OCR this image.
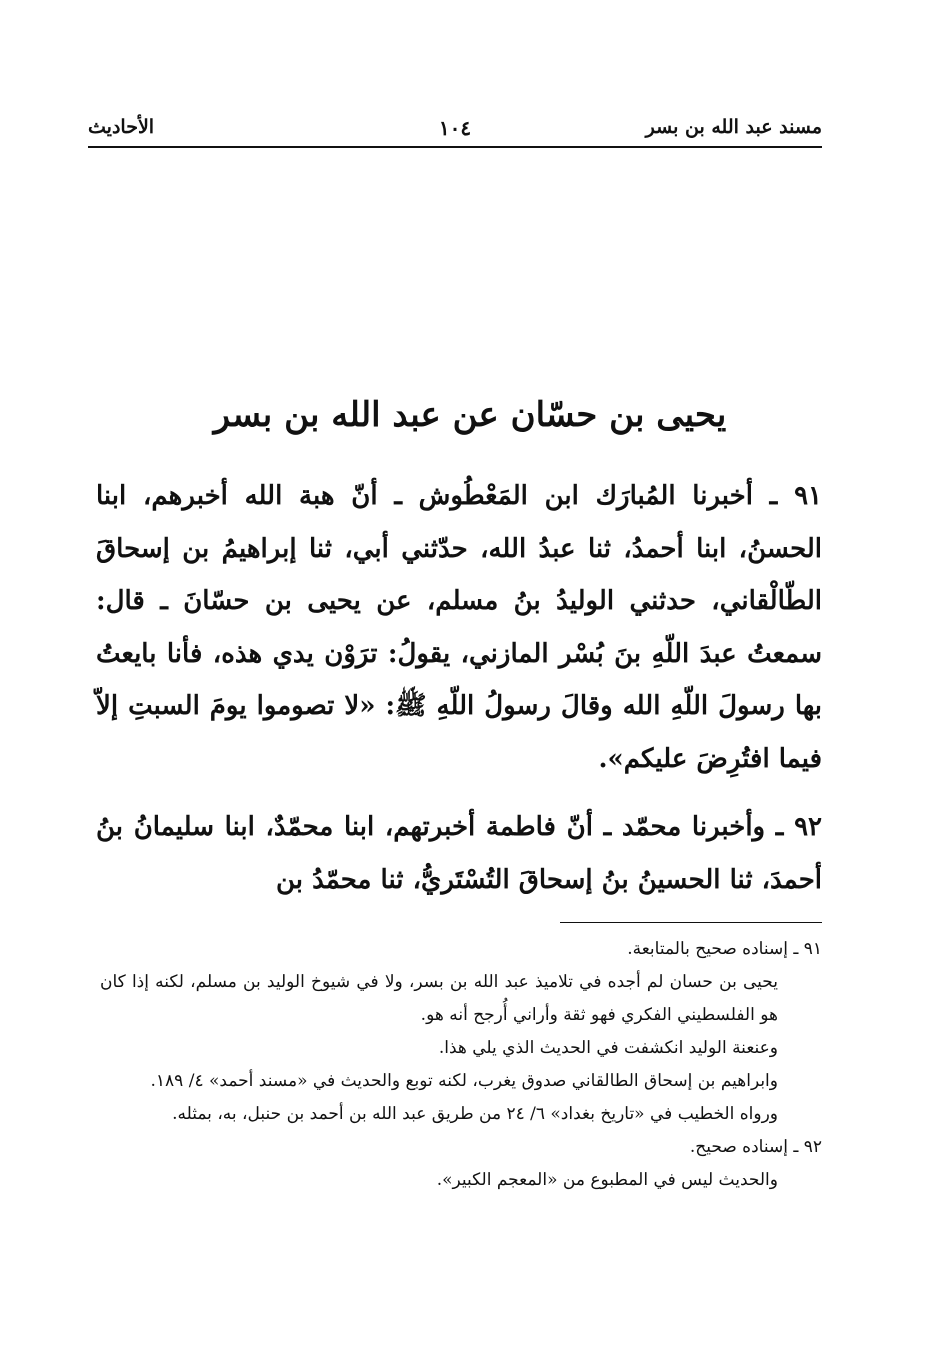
مسند عبد الله بن بسر
١٠٤
الأحاديث
يحيى بن حسّان عن عبد الله بن بسر

٩١ ـ أخبرنا المُبارَك ابن المَعْطُوش ـ أنّ هبة الله أخبرهم، ابنا الحسنُ، ابنا أحمدُ، ثنا عبدُ الله، حدّثني أبي، ثنا إبراهيمُ بن إسحاقَ الطّالْقاني، حدثني الوليدُ بنُ مسلم، عن يحيى بن حسّانَ ـ قال: سمعتُ عبدَ اللّهِ بنَ بُسْر المازني، يقولُ: ترَوْن يدي هذه، فأنا بايعتُ بها رسولَ اللّهِ الله وقالَ رسولُ اللّهِ ﷺ: «لا تصوموا يومَ السبتِ إلاّ فيما افتُرِضَ عليكم».

٩٢ ـ وأخبرنا محمّد ـ أنّ فاطمة أخبرتهم، ابنا محمّدٌ، ابنا سليمانُ بنُ أحمدَ، ثنا الحسينُ بنُ إسحاقَ التُسْتَريُّ، ثنا محمّدُ بن

٩١ ـ إسناده صحيح بالمتابعة.

يحيى بن حسان لم أجده في تلاميذ عبد الله بن بسر، ولا في شيوخ الوليد بن مسلم، لكنه إذا كان هو الفلسطيني الفكري فهو ثقة وأراني أُرجح أنه هو.

وعنعنة الوليد انكشفت في الحديث الذي يلي هذا.

وابراهيم بن إسحاق الطالقاني صدوق يغرب، لكنه توبع والحديث في «مسند أحمد» ٤/ ١٨٩.

ورواه الخطيب في «تاريخ بغداد» ٦/ ٢٤ من طريق عبد الله بن أحمد بن حنبل، به، بمثله.

٩٢ ـ إسناده صحيح.

والحديث ليس في المطبوع من «المعجم الكبير».
